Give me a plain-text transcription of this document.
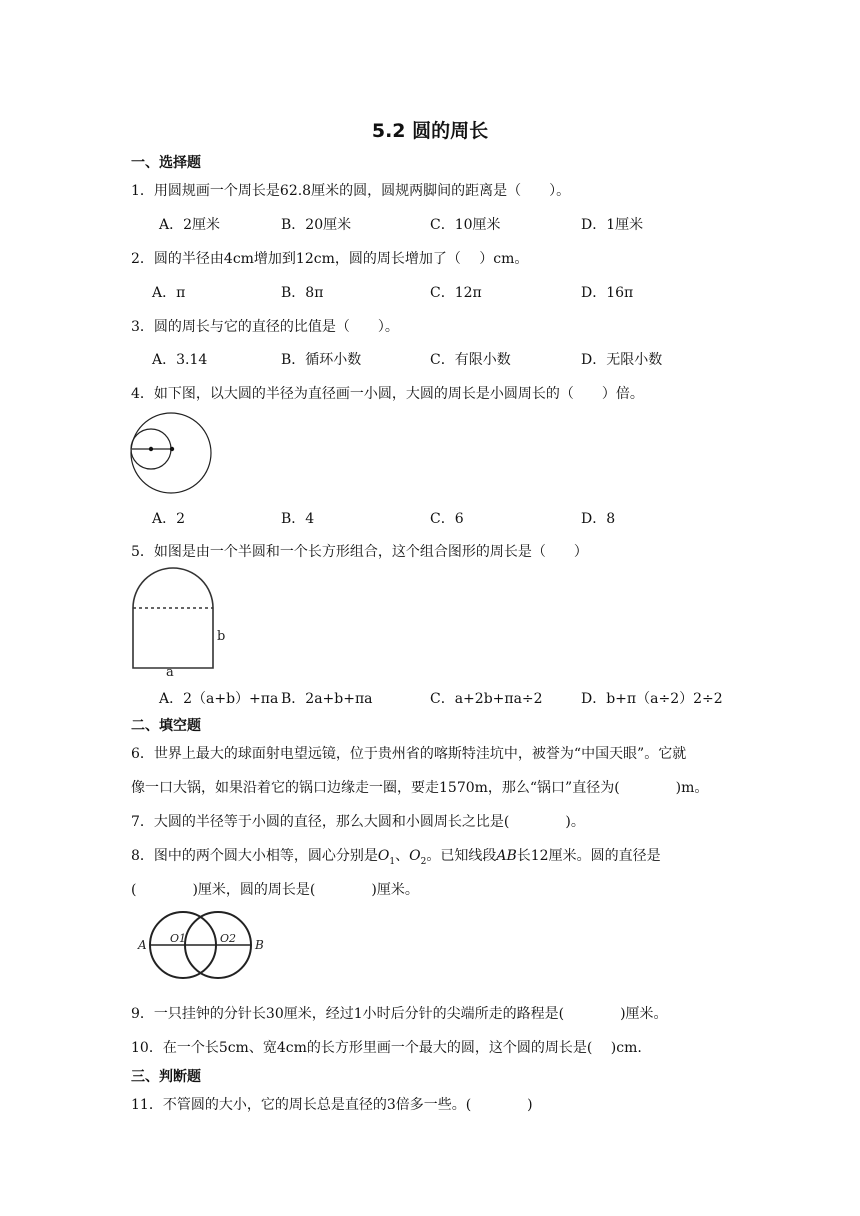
5.2 圆的周长
一、选择题
1．用圆规画一个周长是62.8厘米的圆，圆规两脚间的距离是（　　）。
A．2厘米	B．20厘米	C．10厘米	D．1厘米
2．圆的半径由4cm增加到12cm，圆的周长增加了（　 ）cm。
A．π	B．8π	C．12π	D．16π
3．圆的周长与它的直径的比值是（　　）。
A．3.14	B．循环小数	C．有限小数	D．无限小数
4．如下图，以大圆的半径为直径画一小圆，大圆的周长是小圆周长的（　　）倍。
A．2	B．4	C．6	D．8
5．如图是由一个半圆和一个长方形组合，这个组合图形的周长是（　　）
b
a
A．2（a+b）+πa B．2a+b+πa	C．a+2b+πa÷2	D．b+π（a÷2）2÷2
二、填空题
6．世界上最大的球面射电望远镜，位于贵州省的喀斯特洼坑中，被誉为“中国天眼”。它就
像一口大锅，如果沿着它的锅口边缘走一圈，要走1570m，那么“锅口”直径为(　　　　)m。
7．大圆的半径等于小圆的直径，那么大圆和小圆周长之比是(　　　　)。
8．图中的两个圆大小相等，圆心分别是$O_1$、$O_2$。已知线段AB长12厘米。圆的直径是
(　　　　)厘米，圆的周长是(　　　　)厘米。
A O1	O2 B
9．一只挂钟的分针长30厘米，经过1小时后分针的尖端所走的路程是(　　　　)厘米。
10．在一个长5cm、宽4cm的长方形里画一个最大的圆，这个圆的周长是(　 )cm.
三、判断题
11．不管圆的大小，它的周长总是直径的3倍多一些。(　　　　)
